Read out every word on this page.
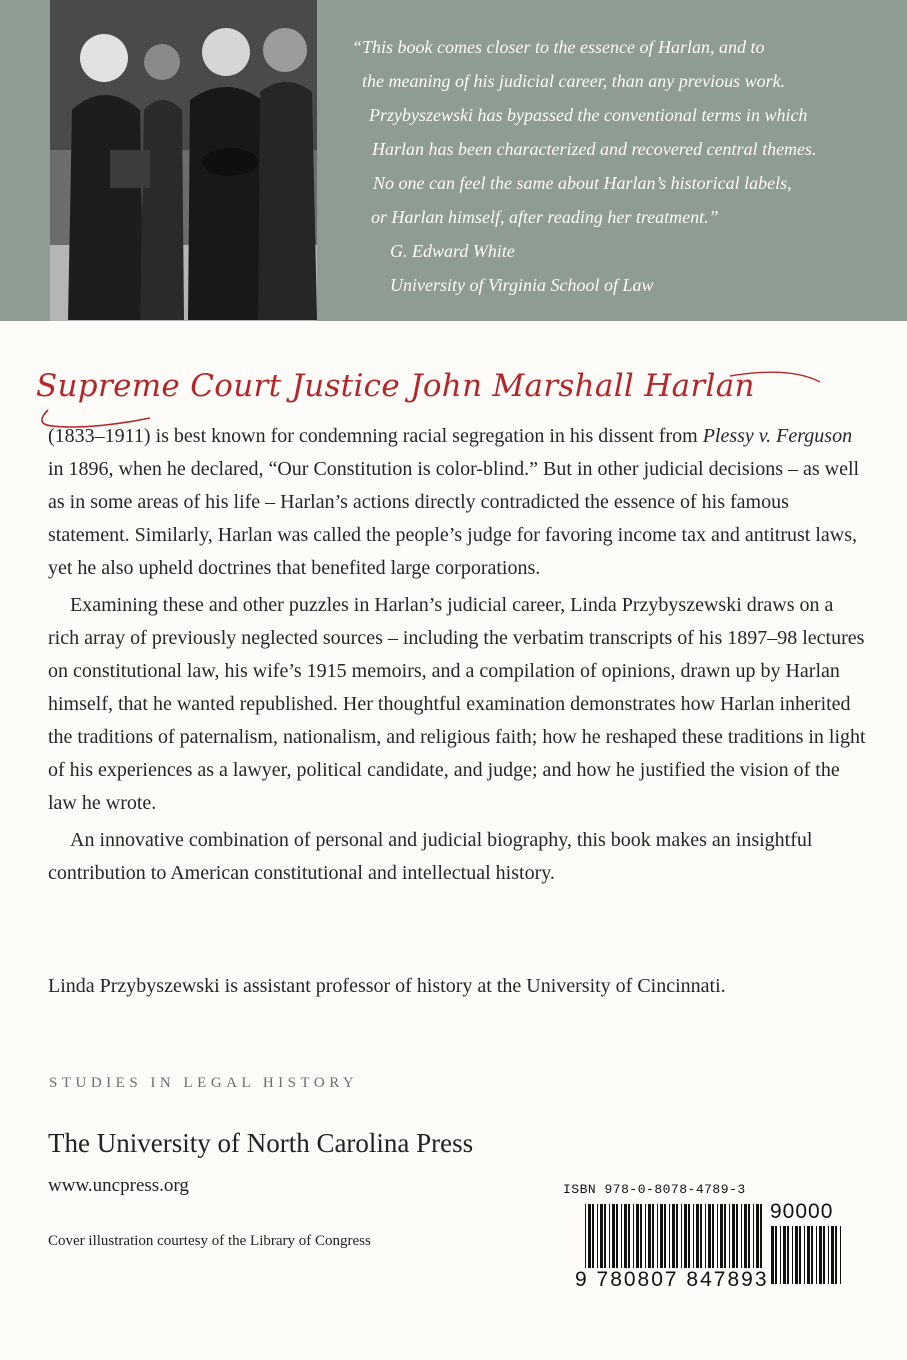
“This book comes closer to the essence of Harlan, and to
the meaning of his judicial career, than any previous work.
Przybyszewski has bypassed the conventional terms in which
Harlan has been characterized and recovered central themes.
No one can feel the same about Harlan’s historical labels,
or Harlan himself, after reading her treatment.”
G. Edward White
University of Virginia School of Law
Supreme Court Justice John Marshall Harlan

(1833–1911) is best known for condemning racial segregation in his dissent from Plessy v. Ferguson in 1896, when he declared, “Our Constitution is color-blind.” But in other judicial decisions – as well as in some areas of his life – Harlan’s actions directly contradicted the essence of his famous statement. Similarly, Harlan was called the people’s judge for favoring income tax and antitrust laws, yet he also upheld doctrines that benefited large corporations.

Examining these and other puzzles in Harlan’s judicial career, Linda Przybyszewski draws on a rich array of previously neglected sources – including the verbatim transcripts of his 1897–98 lectures on constitutional law, his wife’s 1915 memoirs, and a compilation of opinions, drawn up by Harlan himself, that he wanted republished. Her thoughtful examination demonstrates how Harlan inherited the traditions of paternalism, nationalism, and religious faith; how he reshaped these traditions in light of his experiences as a lawyer, political candidate, and judge; and how he justified the vision of the law he wrote.

An innovative combination of personal and judicial biography, this book makes an insightful contribution to American constitutional and intellectual history.

Linda Przybyszewski is assistant professor of history at the University of Cincinnati.

STUDIES IN LEGAL HISTORY
The University of North Carolina Press
www.uncpress.org
Cover illustration courtesy of the Library of Congress
ISBN 978-0-8078-4789-3
90000
9 780807 847893
